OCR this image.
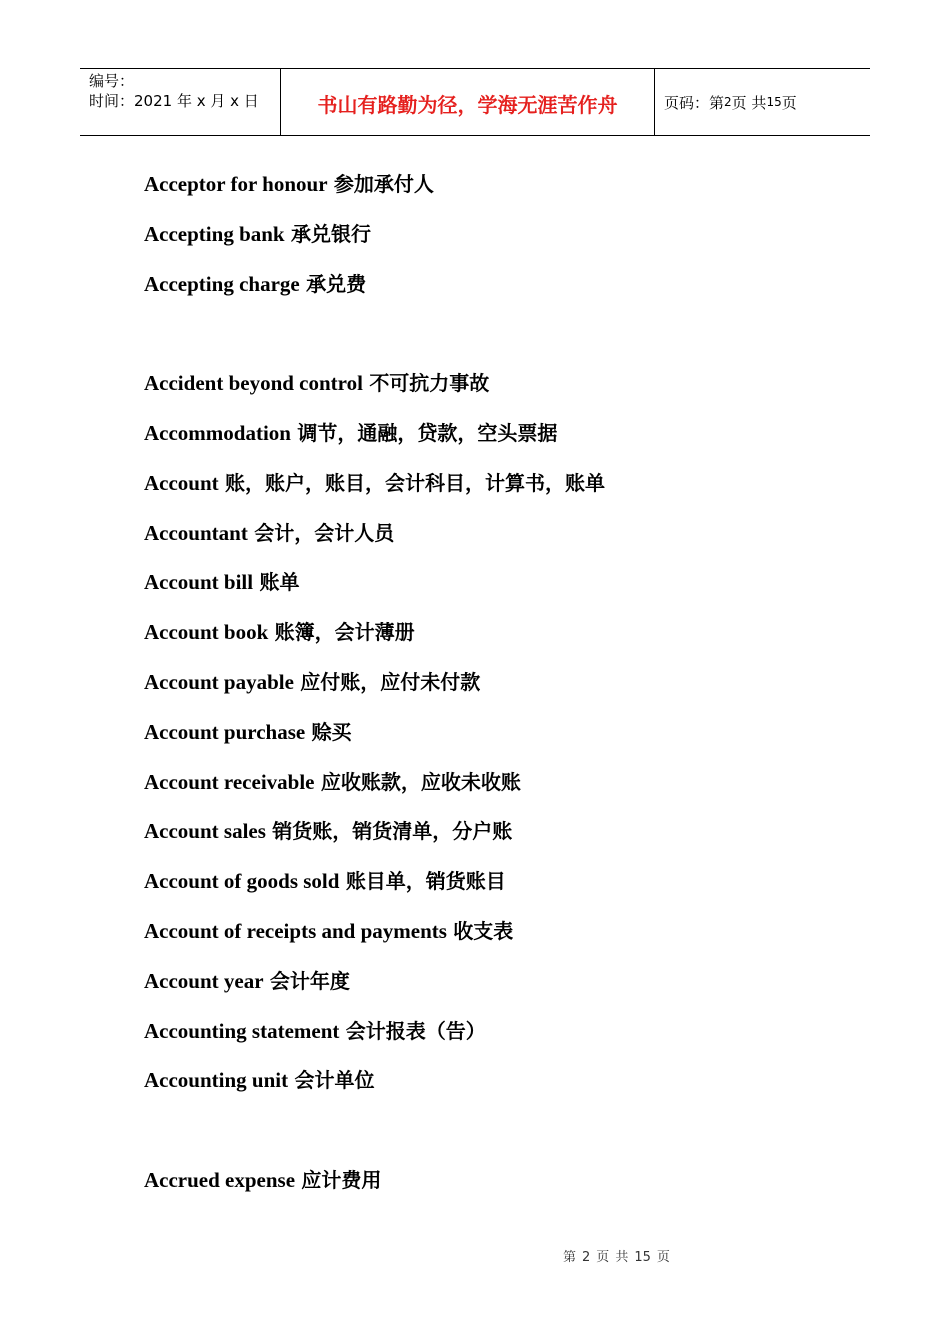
编号：
时间：2021 年 x 月 x 日	书山有路勤为径，学海无涯苦作舟	页码：第 2 页 共 15 页
Acceptor for honour 参加承付人
Accepting bank 承兑银行
Accepting charge 承兑费
Accident beyond control 不可抗力事故
Accommodation 调节，通融，贷款，空头票据
Account 账，账户，账目，会计科目，计算书，账单
Accountant 会计，会计人员
Account bill 账单
Account book 账簿，会计薄册
Account payable 应付账，应付未付款
Account purchase 赊买
Account receivable 应收账款，应收未收账
Account sales 销货账，销货清单，分户账
Account of goods sold 账目单，销货账目
Account of receipts and payments 收支表
Account year 会计年度
Accounting statement 会计报表（告）
Accounting unit 会计单位
Accrued expense 应计费用
第 2 页 共 15 页
